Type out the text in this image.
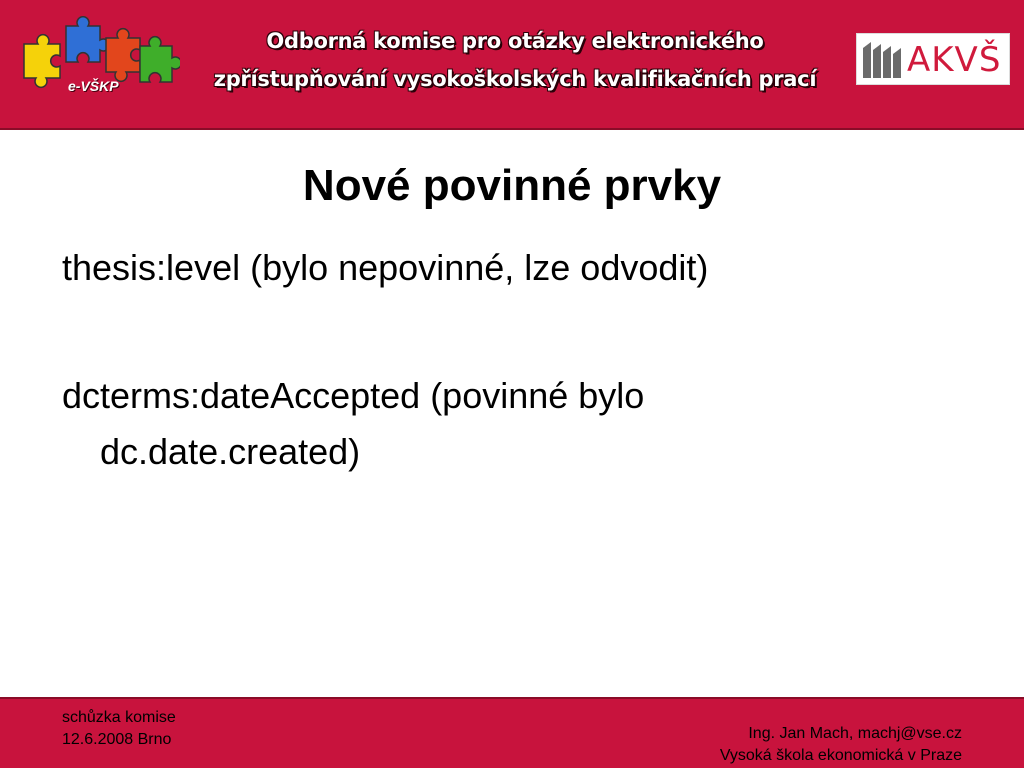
e-VŠKP
Odborná komise pro otázky elektronického
zpřístupňování vysokoškolských kvalifikačních prací	AKVŠ
Nové povinné prvky
thesis:level (bylo nepovinné, lze odvodit)
dcterms:dateAccepted (povinné bylo
dc.date.created)
schůzka komise
12.6.2008 Brno	Ing. Jan Mach, machj@vse.cz
Vysoká škola ekonomická v Praze
